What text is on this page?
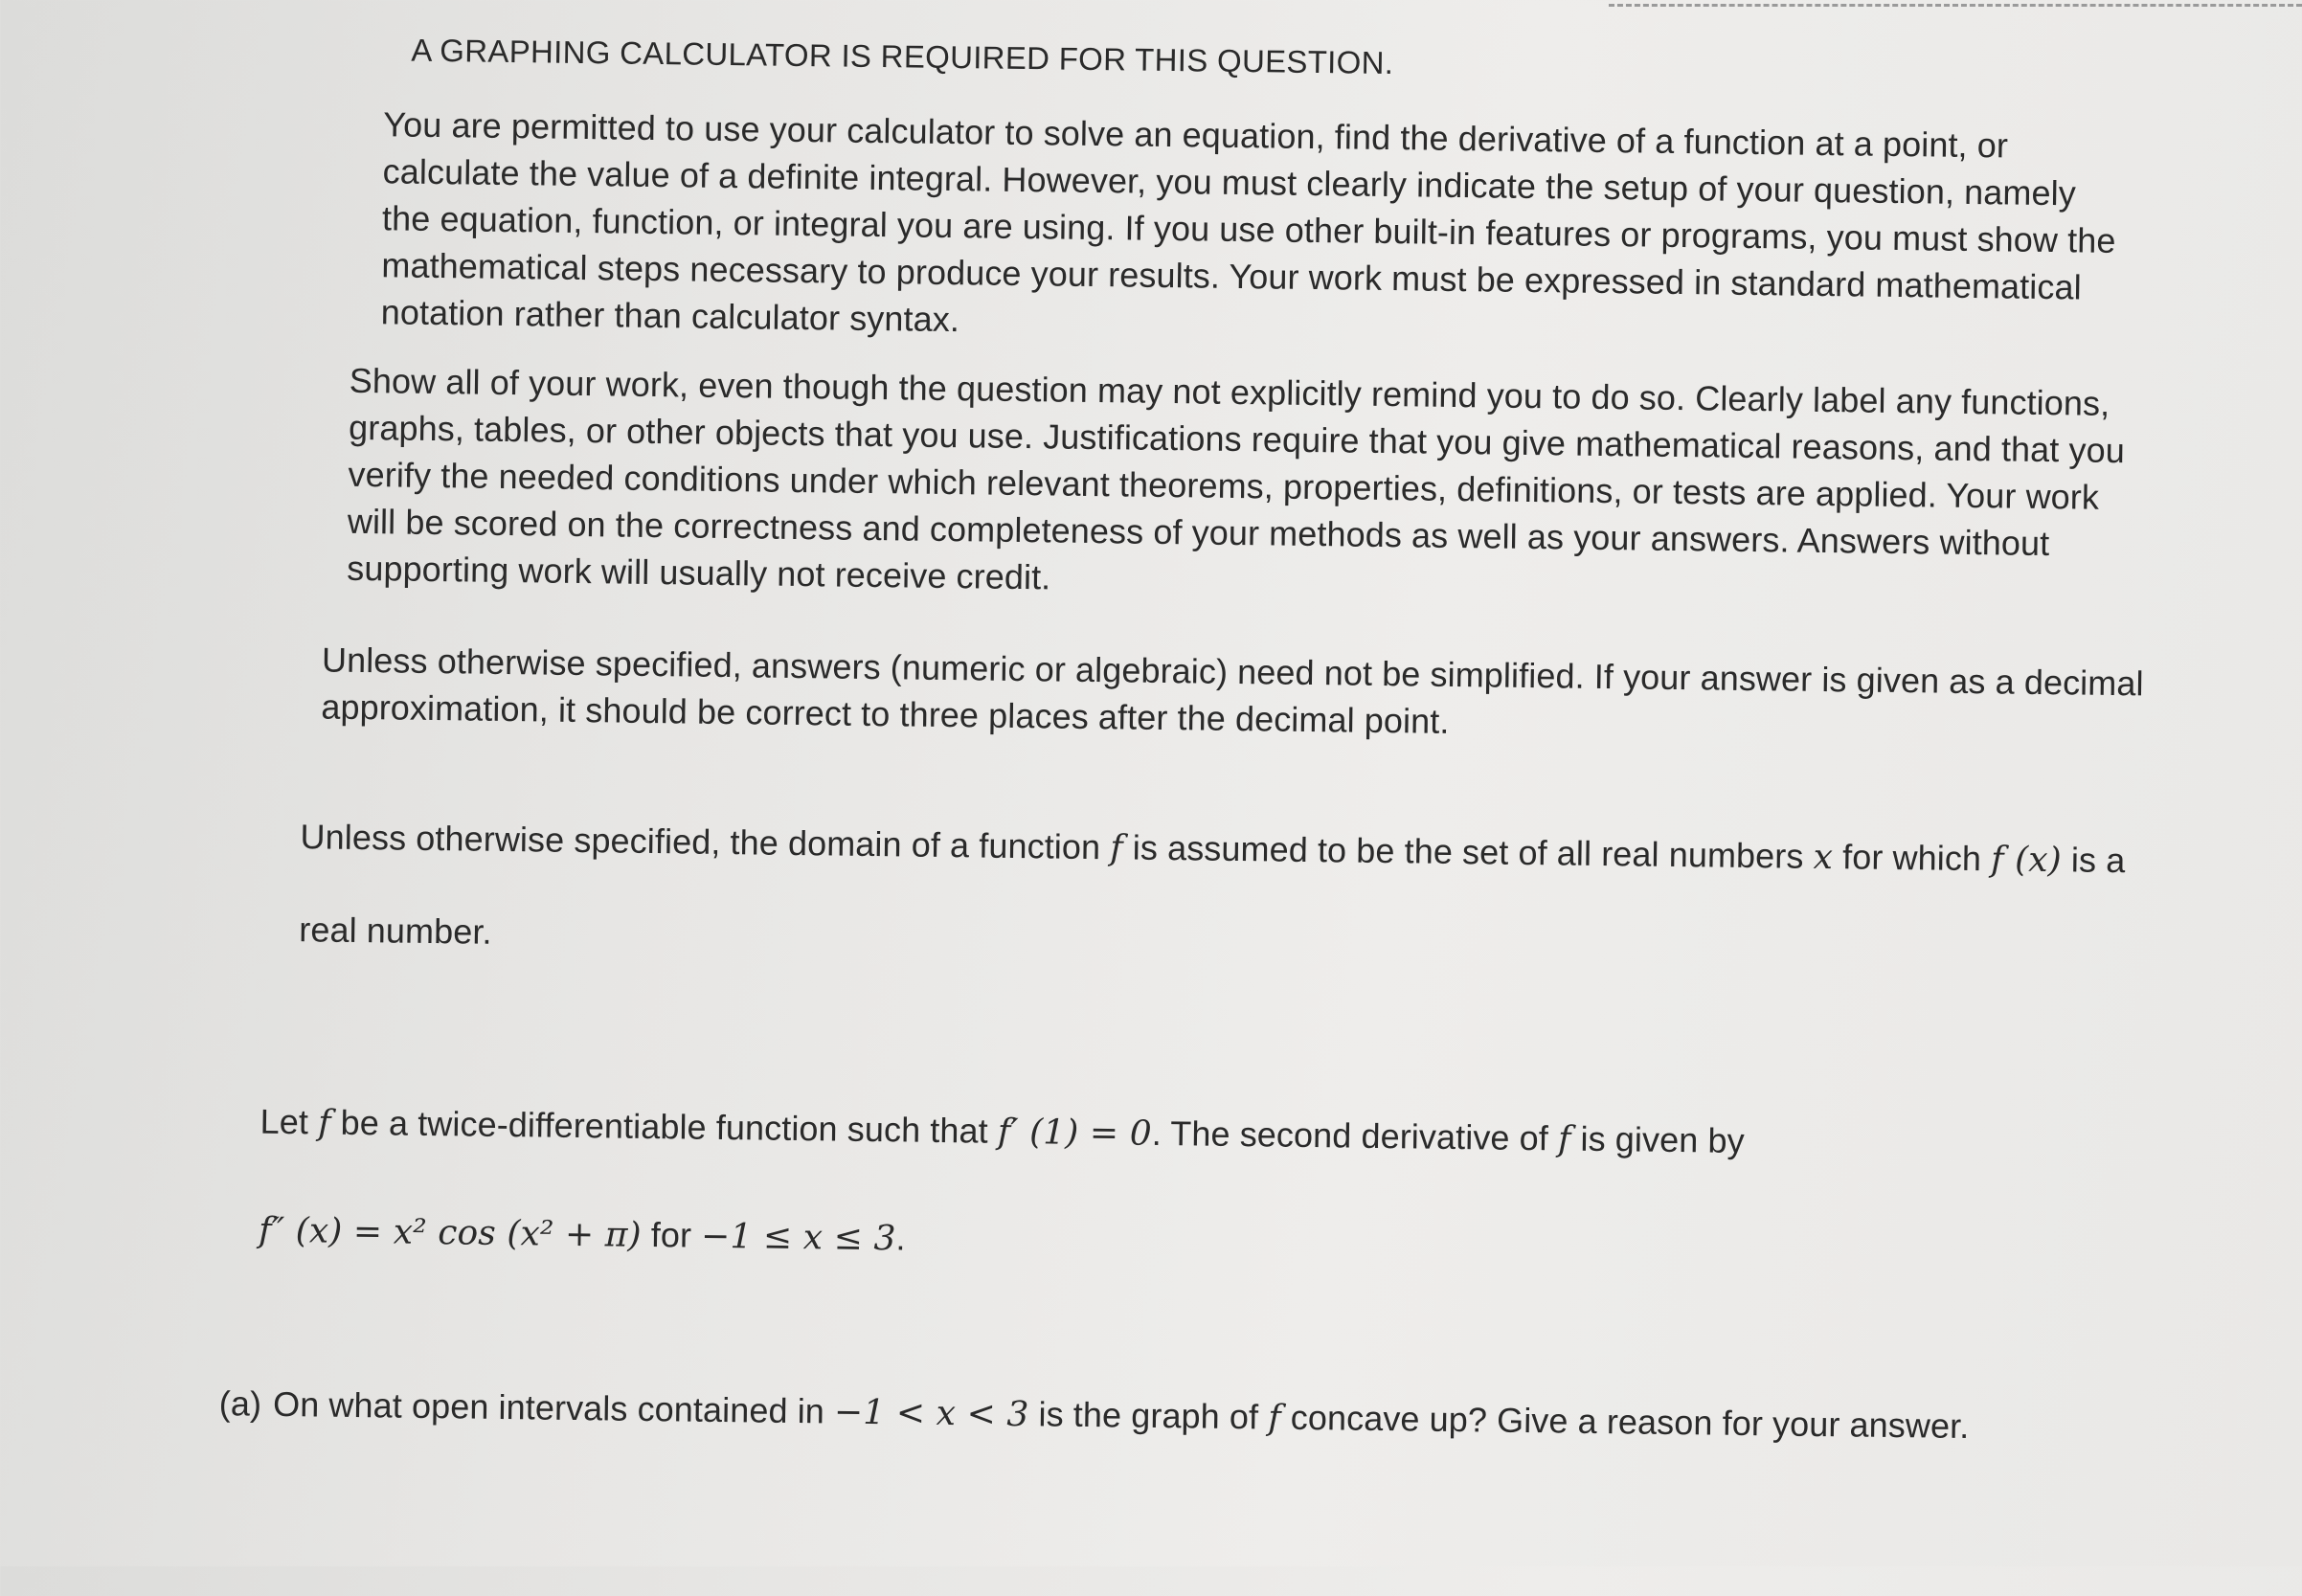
A GRAPHING CALCULATOR IS REQUIRED FOR THIS QUESTION.

You are permitted to use your calculator to solve an equation, find the derivative of a function at a point, or calculate the value of a definite integral. However, you must clearly indicate the setup of your question, namely the equation, function, or integral you are using. If you use other built-in features or programs, you must show the mathematical steps necessary to produce your results. Your work must be expressed in standard mathematical notation rather than calculator syntax.

Show all of your work, even though the question may not explicitly remind you to do so. Clearly label any functions, graphs, tables, or other objects that you use. Justifications require that you give mathematical reasons, and that you verify the needed conditions under which relevant theorems, properties, definitions, or tests are applied. Your work will be scored on the correctness and completeness of your methods as well as your answers. Answers without supporting work will usually not receive credit.

Unless otherwise specified, answers (numeric or algebraic) need not be simplified. If your answer is given as a decimal approximation, it should be correct to three places after the decimal point.

Unless otherwise specified, the domain of a function f is assumed to be the set of all real numbers x for which f (x) is a real number.

Let f be a twice-differentiable function such that f′ (1) = 0. The second derivative of f is given by
f″ (x) = x² cos (x² + π) for −1 ≤ x ≤ 3.

(a) On what open intervals contained in −1 < x < 3 is the graph of f concave up? Give a reason for your answer.
